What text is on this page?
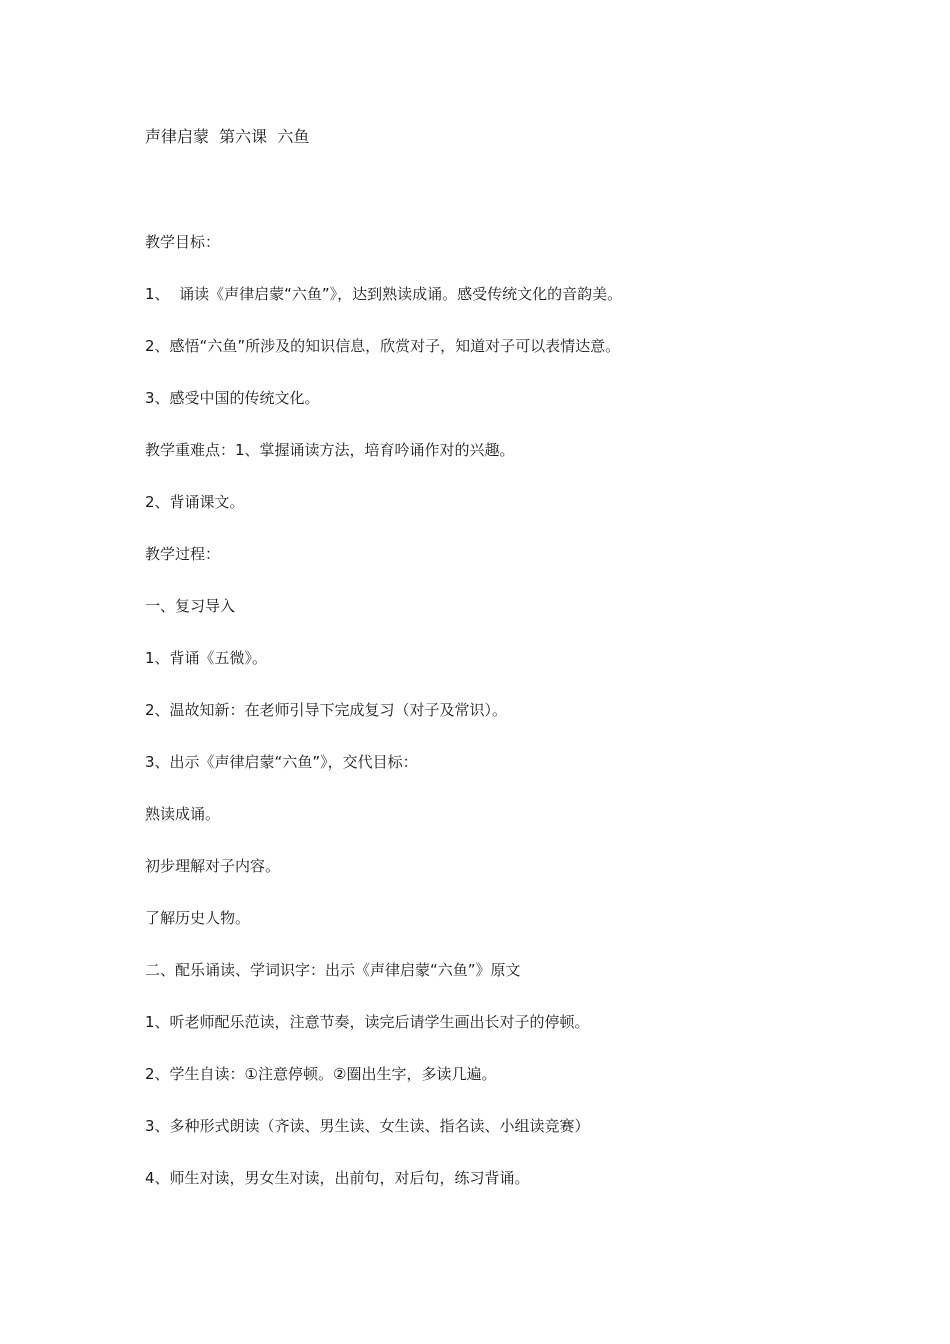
声律启蒙  第六课  六鱼

教学目标：

1、  诵读《声律启蒙“六鱼”》，达到熟读成诵。感受传统文化的音韵美。

2、感悟“六鱼”所涉及的知识信息，欣赏对子，知道对子可以表情达意。

3、感受中国的传统文化。

教学重难点：1、掌握诵读方法，培育吟诵作对的兴趣。

2、背诵课文。

教学过程：

一、复习导入

1、背诵《五微》。

2、温故知新：在老师引导下完成复习（对子及常识）。

3、出示《声律启蒙“六鱼”》，交代目标：

熟读成诵。

初步理解对子内容。

了解历史人物。

二、配乐诵读、学词识字：出示《声律启蒙“六鱼”》原文

1、听老师配乐范读，注意节奏，读完后请学生画出长对子的停顿。

2、学生自读：①注意停顿。②圈出生字，多读几遍。

3、多种形式朗读（齐读、男生读、女生读、指名读、小组读竞赛）

4、师生对读，男女生对读，出前句，对后句，练习背诵。
